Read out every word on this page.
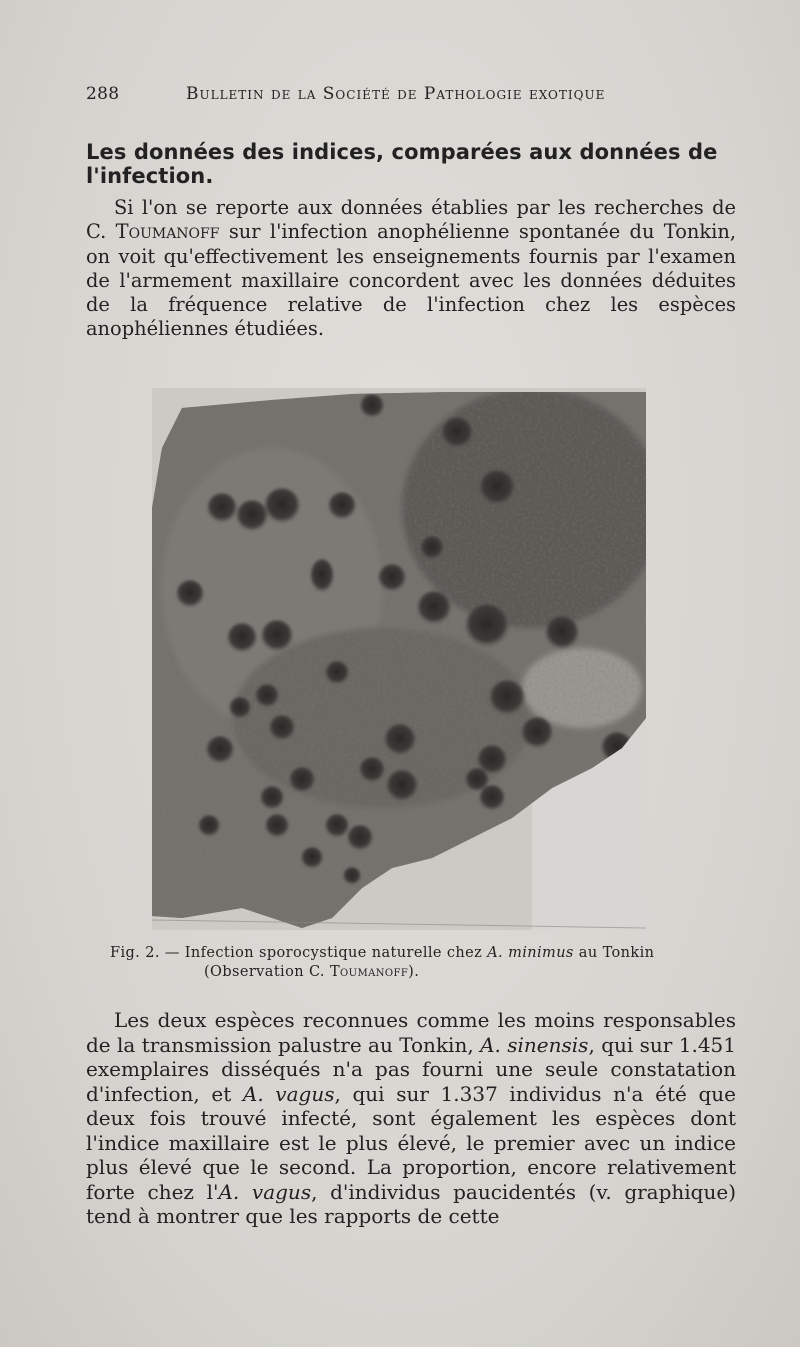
288	Bulletin de la Société de Pathologie exotique
Les données des indices, comparées aux données de l'infection.
Si l'on se reporte aux données établies par les recherches de C. Toumanoff sur l'infection anophélienne spontanée du Tonkin, on voit qu'effectivement les enseignements fournis par l'examen de l'armement maxillaire concordent avec les données déduites de la fréquence relative de l'infection chez les espèces anophéliennes étudiées.
Fig. 2. — Infection sporocystique naturelle chez A. minimus au Tonkin
(Observation C. Toumanoff).
Les deux espèces reconnues comme les moins responsables de la transmission palustre au Tonkin, A. sinensis, qui sur 1.451 exemplaires disséqués n'a pas fourni une seule constatation d'infection, et A. vagus, qui sur 1.337 individus n'a été que deux fois trouvé infecté, sont également les espèces dont l'indice maxillaire est le plus élevé, le premier avec un indice plus élevé que le second. La proportion, encore relativement forte chez l'A. vagus, d'individus paucidentés (v. graphique) tend à montrer que les rapports de cette
